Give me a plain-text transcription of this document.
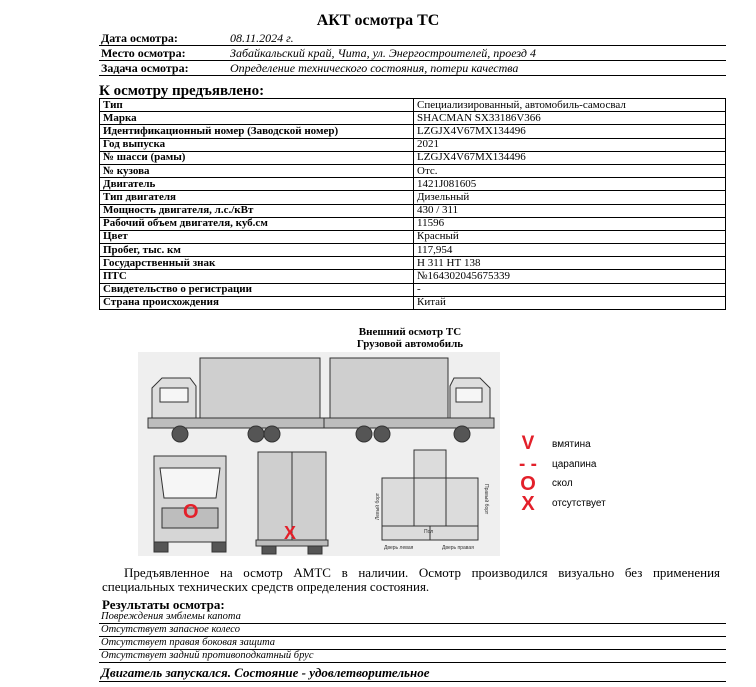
АКТ осмотра ТС
Дата осмотра:	08.11.2024 г.
Место осмотра:	Забайкальский край, Чита, ул. Энергостроителей, проезд 4
Задача осмотра:	Определение технического состояния, потери качества
К осмотру предъявлено:
Тип	Специализированный, автомобиль-самосвал
Марка	SHACMAN SX33186V366
Идентификационный номер (Заводской номер)	LZGJX4V67MX134496
Год выпуска	2021
№ шасси (рамы)	LZGJX4V67MX134496
№ кузова	Отс.
Двигатель	1421J081605
Тип двигателя	Дизельный
Мощность двигателя, л.с./кВт	430 / 311
Рабочий объем двигателя, куб.см	11596
Цвет	Красный
Пробег, тыс. км	117,954
Государственный знак	Н 311 НТ 138
ПТС	№164302045675339
Свидетельство о регистрации	-
Страна происхождения	Китай
Внешний осмотр ТС
Грузовой автомобиль
Левый борт	Правый борт
Пол
Дверь левая	Дверь правая
О
Х
V	вмятина
- -	царапина
О	скол
Х	отсутствует

Предъявленное на осмотр АМТС в наличии. Осмотр производился визуально без применения специальных технических средств определения состояния.

Результаты осмотра:
Повреждения эмблемы капота
Отсутствует запасное колесо
Отсутствует правая боковая защита
Отсутствует задний противоподкатный брус
Двигатель запускался. Состояние - удовлетворительное
